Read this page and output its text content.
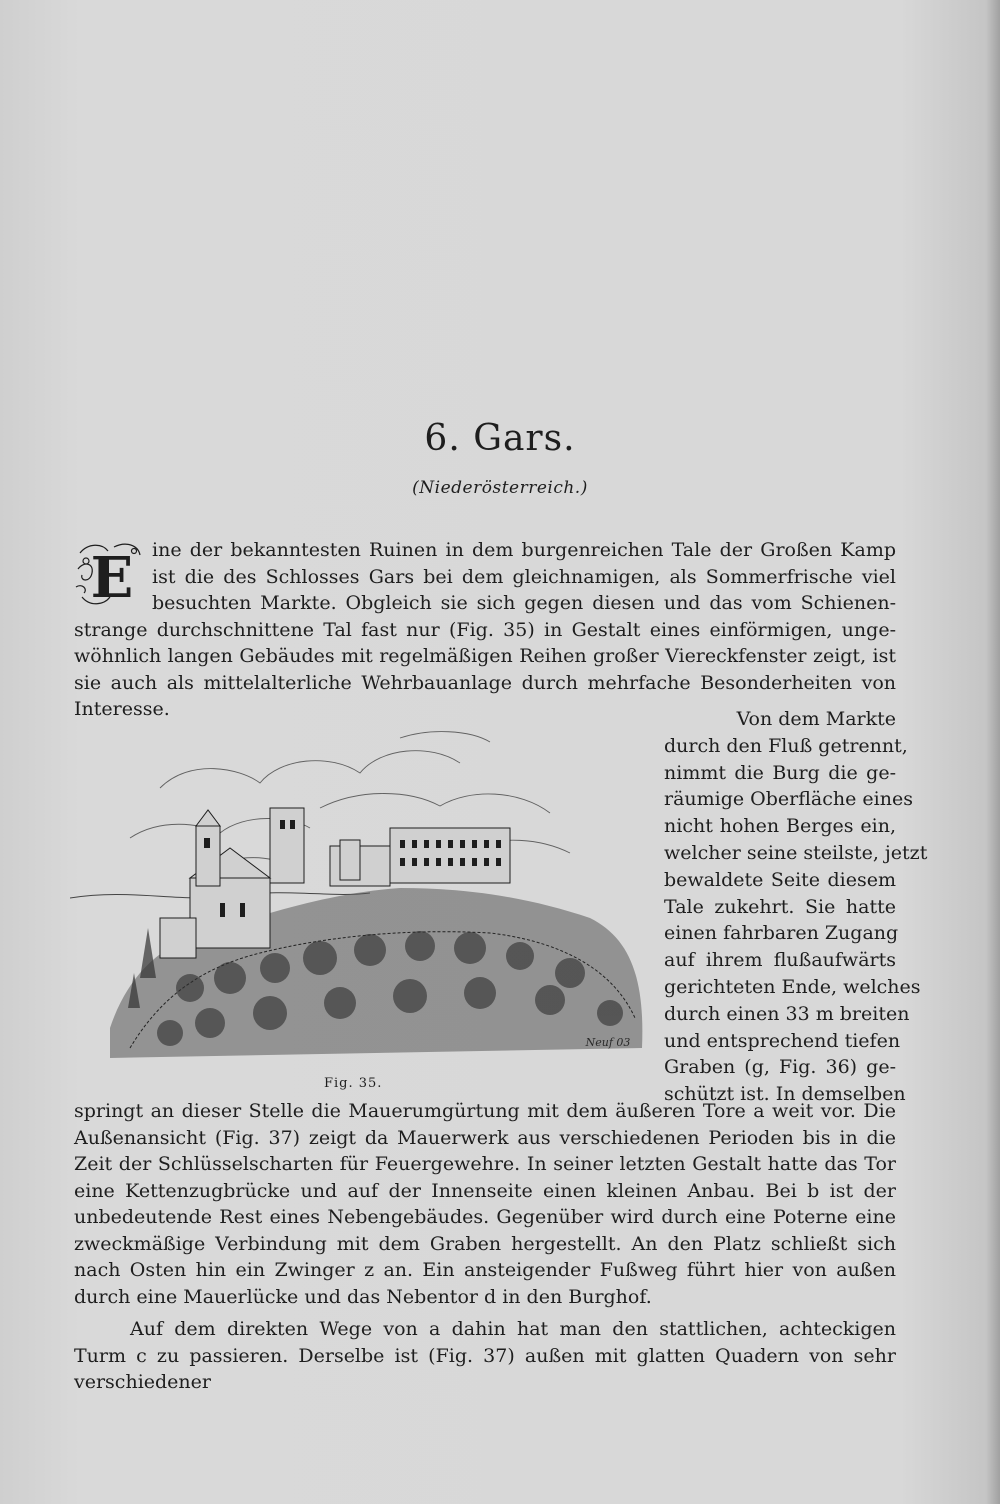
6. Gars.
(Niederösterreich.)
E ine der bekanntesten Ruinen in dem burgenreichen Tale der Großen Kamp ist die des Schlosses Gars bei dem gleichnamigen, als Sommerfrische viel besuchten Markte. Obgleich sie sich gegen diesen und das vom Schienen-strange durchschnittene Tal fast nur (Fig. 35) in Gestalt eines einförmigen, unge-wöhnlich langen Gebäudes mit regelmäßigen Reihen großer Viereckfenster zeigt, ist sie auch als mittelalterliche Wehrbauanlage durch mehrfache Besonderheiten von Interesse.	Von dem Markte
durch den Fluß getrennt,
nimmt die Burg die ge-
räumige Oberfläche eines
nicht hohen Berges ein,
welcher seine steilste, jetzt
bewaldete Seite diesem
Tale zukehrt. Sie hatte
einen fahrbaren Zugang
auf ihrem flußaufwärts
gerichteten Ende, welches
durch einen 33 m breiten
und entsprechend tiefen
Graben (g, Fig. 36) ge-
schützt ist. In demselben
Neuf 03
Fig. 35.

springt an dieser Stelle die Mauerumgürtung mit dem äußeren Tore a weit vor. Die Außenansicht (Fig. 37) zeigt da Mauerwerk aus verschiedenen Perioden bis in die Zeit der Schlüsselscharten für Feuergewehre. In seiner letzten Gestalt hatte das Tor eine Kettenzugbrücke und auf der Innenseite einen kleinen Anbau. Bei b ist der unbedeutende Rest eines Nebengebäudes. Gegenüber wird durch eine Poterne eine zweckmäßige Verbindung mit dem Graben hergestellt. An den Platz schließt sich nach Osten hin ein Zwinger z an. Ein ansteigender Fußweg führt hier von außen durch eine Mauerlücke und das Nebentor d in den Burghof.

Auf dem direkten Wege von a dahin hat man den stattlichen, achteckigen Turm c zu passieren. Derselbe ist (Fig. 37) außen mit glatten Quadern von sehr verschiedener
